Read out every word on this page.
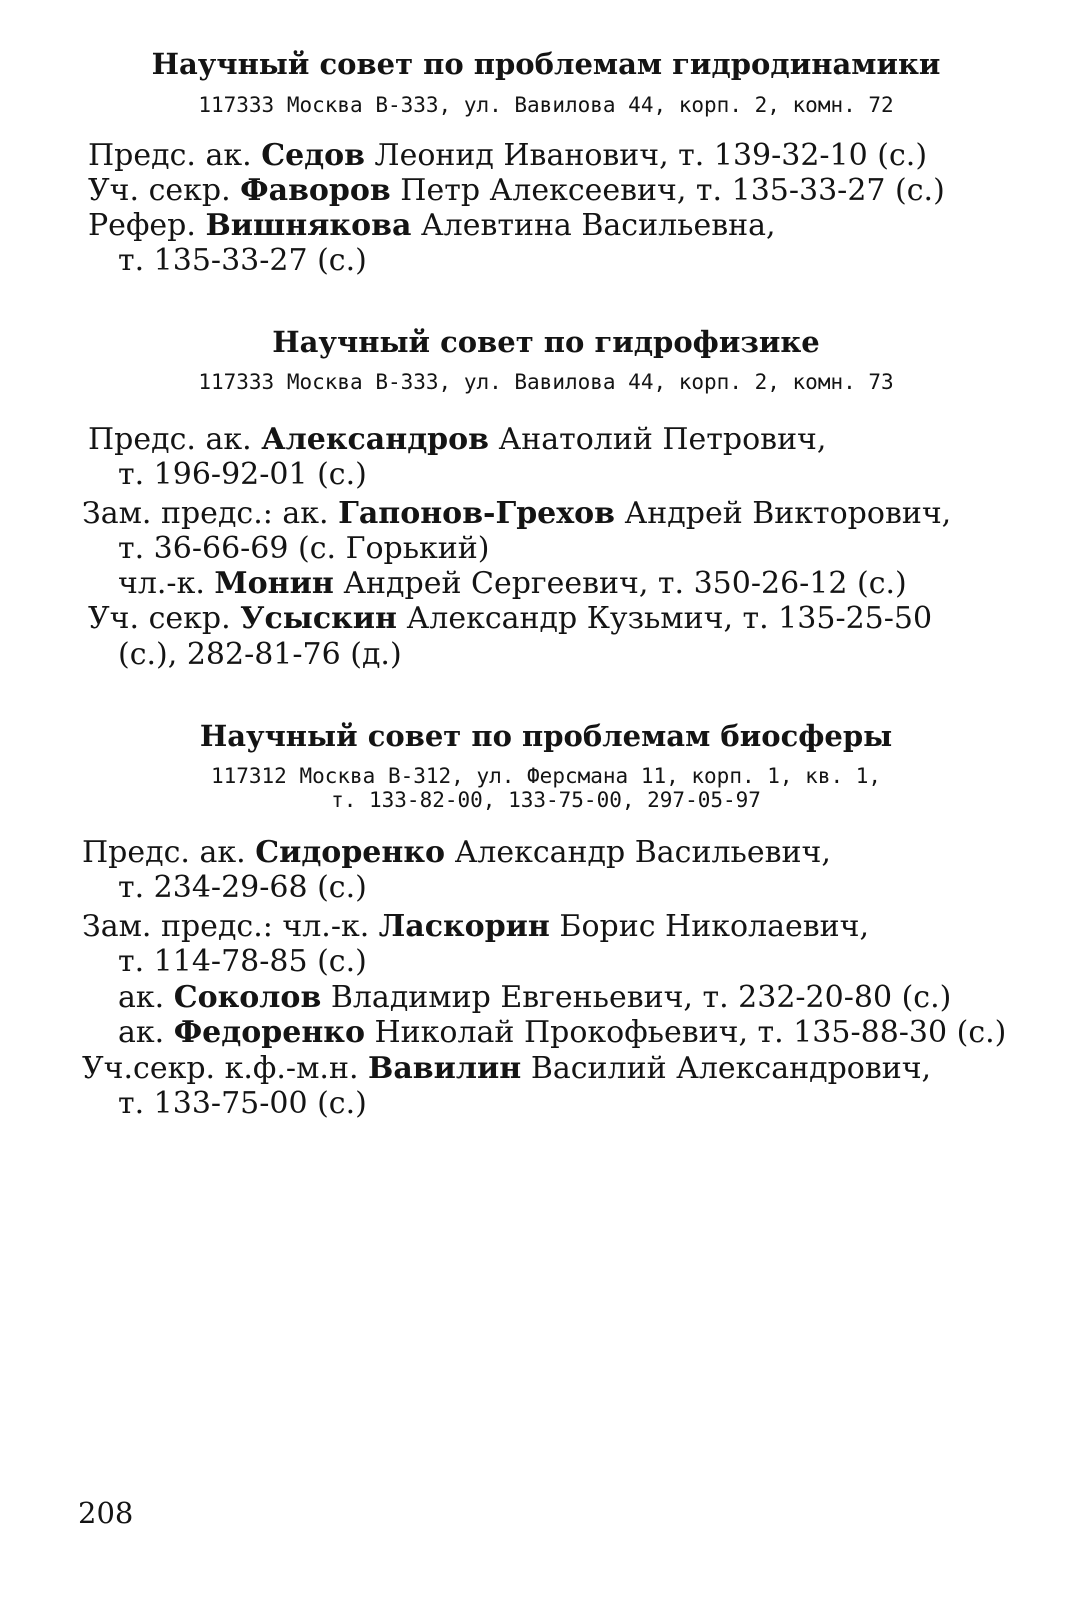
Научный совет по проблемам гидродинамики
117333 Москва В-333, ул. Вавилова 44, корп. 2, комн. 72
Предс. ак. Седов Леонид Иванович, т. 139-32-10 (с.)
Уч. секр. Фаворов Петр Алексеевич, т. 135-33-27 (с.)
Рефер. Вишнякова Алевтина Васильевна,
т. 135-33-27 (с.)
Научный совет по гидрофизике
117333 Москва В-333, ул. Вавилова 44, корп. 2, комн. 73
Предс. ак. Александров Анатолий Петрович,
т. 196-92-01 (с.)
Зам. предс.: ак. Гапонов-Грехов Андрей Викторович,
т. 36-66-69 (с. Горький)
чл.-к. Монин Андрей Сергеевич, т. 350-26-12 (с.)
Уч. секр. Усыскин Александр Кузьмич, т. 135-25-50
(с.), 282-81-76 (д.)
Научный совет по проблемам биосферы
117312 Москва В-312, ул. Ферсмана 11, корп. 1, кв. 1,
т. 133-82-00, 133-75-00, 297-05-97
Предс. ак. Сидоренко Александр Васильевич,
т. 234-29-68 (с.)
Зам. предс.: чл.-к. Ласкорин Борис Николаевич,
т. 114-78-85 (с.)
ак. Соколов Владимир Евгеньевич, т. 232-20-80 (с.)
ак. Федоренко Николай Прокофьевич, т. 135-88-30 (с.)
Уч.секр. к.ф.-м.н. Вавилин Василий Александрович,
т. 133-75-00 (с.)
208
